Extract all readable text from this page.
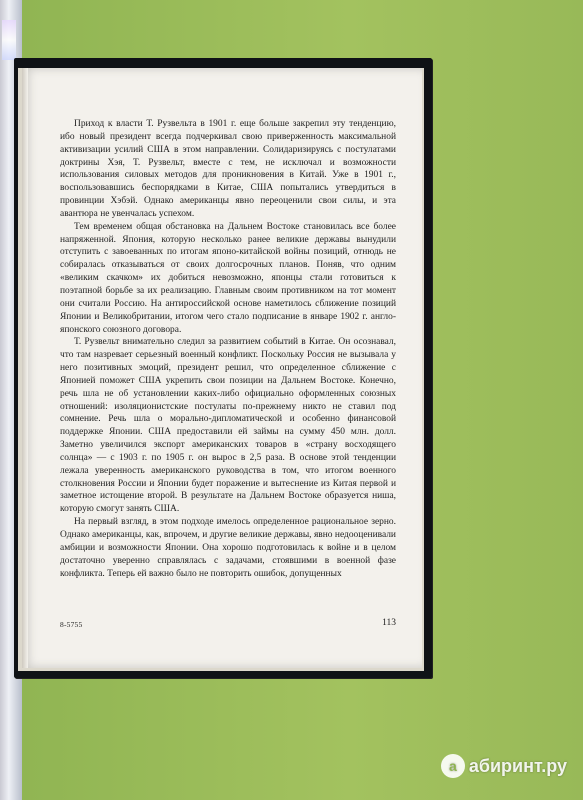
Приход к власти Т. Рузвельта в 1901 г. еще больше закрепил эту тенденцию, ибо новый президент всегда подчеркивал свою приверженность максимальной активизации усилий США в этом направлении. Солидаризируясь с постулатами доктрины Хэя, Т. Рузвельт, вместе с тем, не исключал и возможности использования силовых методов для проникновения в Китай. Уже в 1901 г., воспользовавшись беспорядками в Китае, США попытались утвердиться в провинции Хэбэй. Однако американцы явно переоценили свои силы, и эта авантюра не увенчалась успехом.

Тем временем общая обстановка на Дальнем Востоке становилась все более напряженной. Япония, которую несколько ранее великие державы вынудили отступить с завоеванных по итогам японо-китайской войны позиций, отнюдь не собиралась отказываться от своих долгосрочных планов. Поняв, что одним «великим скачком» их добиться невозможно, японцы стали готовиться к поэтапной борьбе за их реализацию. Главным своим противником на тот момент они считали Россию. На антироссийской основе наметилось сближение позиций Японии и Великобритании, итогом чего стало подписание в январе 1902 г. англо-японского союзного договора.

Т. Рузвельт внимательно следил за развитием событий в Китае. Он осознавал, что там назревает серьезный военный конфликт. Поскольку Россия не вызывала у него позитивных эмоций, президент решил, что определенное сближение с Японией поможет США укрепить свои позиции на Дальнем Востоке. Конечно, речь шла не об установлении каких-либо официально оформленных союзных отношений: изоляционистские постулаты по-прежнему никто не ставил под сомнение. Речь шла о морально-дипломатической и особенно финансовой поддержке Японии. США предоставили ей займы на сумму 450 млн. долл. Заметно увеличился экспорт американских товаров в «страну восходящего солнца» — с 1903 г. по 1905 г. он вырос в 2,5 раза. В основе этой тенденции лежала уверенность американского руководства в том, что итогом военного столкновения России и Японии будет поражение и вытеснение из Китая первой и заметное истощение второй. В результате на Дальнем Востоке образуется ниша, которую смогут занять США.

На первый взгляд, в этом подходе имелось определенное рациональное зерно. Однако американцы, как, впрочем, и другие великие державы, явно недооценивали амбиции и возможности Японии. Она хорошо подготовилась к войне и в целом достаточно уверенно справлялась с задачами, стоявшими в военной фазе конфликта. Теперь ей важно было не повторить ошибок, допущенных

8-5755	113
а абиринт.ру
